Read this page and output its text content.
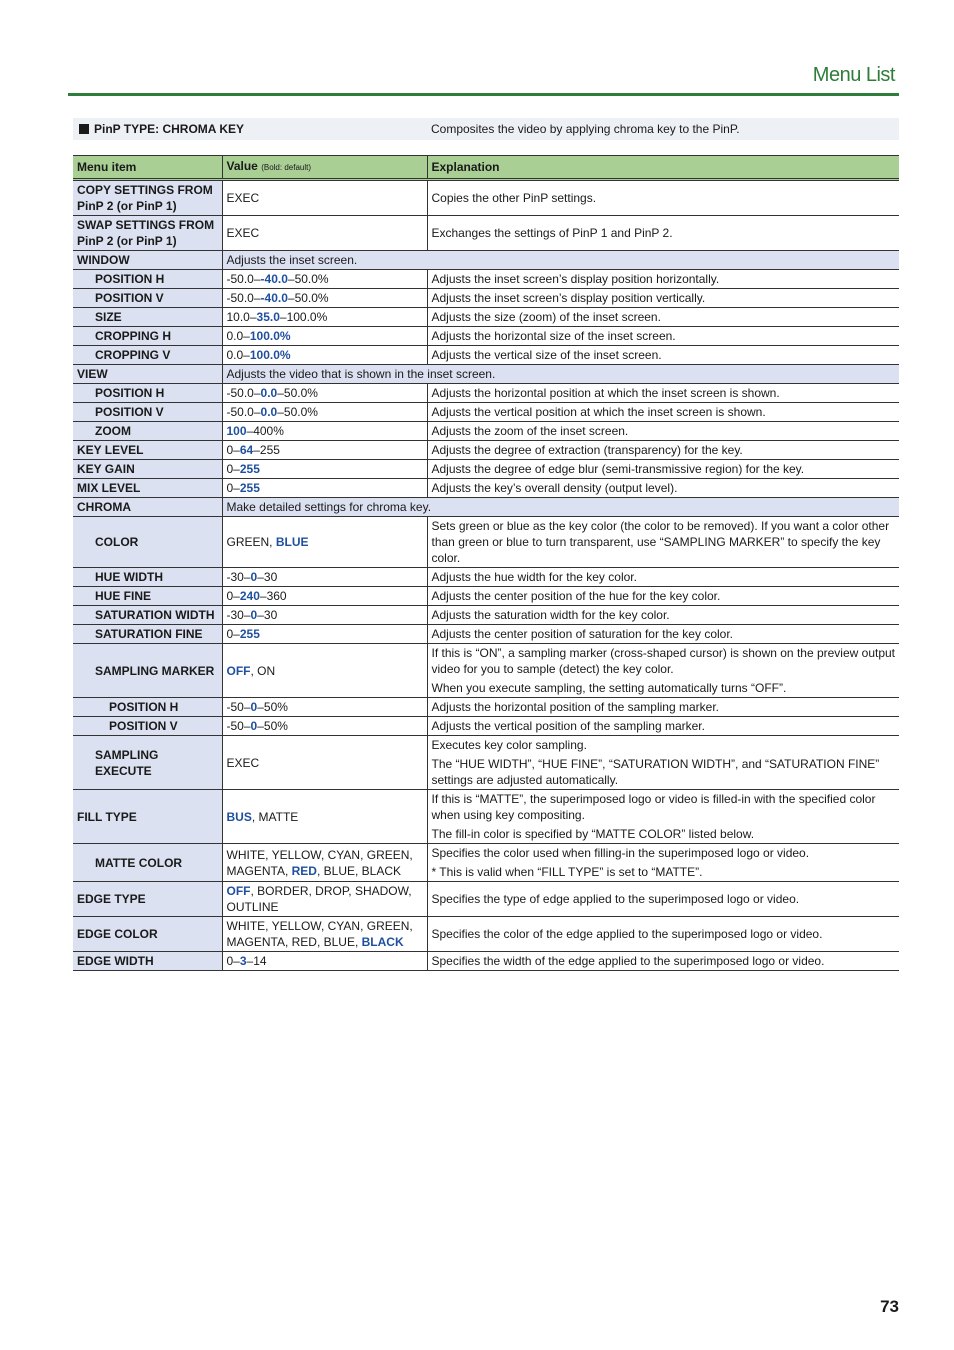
Menu List
PinP TYPE: CHROMA KEY	Composites the video by applying chroma key to the PinP.
Menu item	Value (Bold: default)	Explanation
COPY SETTINGS FROM PinP 2 (or PinP 1)	EXEC	Copies the other PinP settings.

SWAP SETTINGS FROM PinP 2 (or PinP 1)	EXEC	Exchanges the settings of PinP 1 and PinP 2.

WINDOW	Adjusts the inset screen.	
POSITION H	-50.0–-40.0–50.0%	Adjusts the inset screen’s display position horizontally.

POSITION V	-50.0–-40.0–50.0%	Adjusts the inset screen’s display position vertically.

SIZE	10.0–35.0–100.0%	Adjusts the size (zoom) of the inset screen.

CROPPING H	0.0–100.0%	Adjusts the horizontal size of the inset screen.

CROPPING V	0.0–100.0%	Adjusts the vertical size of the inset screen.

VIEW	Adjusts the video that is shown in the inset screen.	
POSITION H	-50.0–0.0–50.0%	Adjusts the horizontal position at which the inset screen is shown.

POSITION V	-50.0–0.0–50.0%	Adjusts the vertical position at which the inset screen is shown.

ZOOM	100–400%	Adjusts the zoom of the inset screen.

KEY LEVEL	0–64–255	Adjusts the degree of extraction (transparency) for the key.

KEY GAIN	0–255	Adjusts the degree of edge blur (semi-transmissive region) for the key.

MIX LEVEL	0–255	Adjusts the key’s overall density (output level).

CHROMA	Make detailed settings for chroma key.	
COLOR	GREEN, BLUE	Sets green or blue as the key color (the color to be removed). If you want a color other than green or blue to turn transparent, use “SAMPLING MARKER” to specify the key color.

HUE WIDTH	-30–0–30	Adjusts the hue width for the key color.

HUE FINE	0–240–360	Adjusts the center position of the hue for the key color.

SATURATION WIDTH	-30–0–30	Adjusts the saturation width for the key color.

SATURATION FINE	0–255	Adjusts the center position of saturation for the key color.

SAMPLING MARKER	OFF, ON	If this is “ON”, a sampling marker (cross-shaped cursor) is shown on the preview output video for you to sample (detect) the key color.
When you execute sampling, the setting automatically turns “OFF”.

POSITION H	-50–0–50%	Adjusts the horizontal position of the sampling marker.

POSITION V	-50–0–50%	Adjusts the vertical position of the sampling marker.

SAMPLING EXECUTE	EXEC	Executes key color sampling.
The “HUE WIDTH”, “HUE FINE”, “SATURATION WIDTH”, and “SATURATION FINE” settings are adjusted automatically.

FILL TYPE	BUS, MATTE	If this is “MATTE”, the superimposed logo or video is filled-in with the specified color when using key compositing.
The fill-in color is specified by “MATTE COLOR” listed below.

MATTE COLOR	WHITE, YELLOW, CYAN, GREEN, MAGENTA, RED, BLUE, BLACK	Specifies the color used when filling-in the superimposed logo or video.
* This is valid when “FILL TYPE” is set to “MATTE”.

EDGE TYPE	OFF, BORDER, DROP, SHADOW, OUTLINE	Specifies the type of edge applied to the superimposed logo or video.

EDGE COLOR	WHITE, YELLOW, CYAN, GREEN, MAGENTA, RED, BLUE, BLACK	Specifies the color of the edge applied to the superimposed logo or video.

EDGE WIDTH	0–3–14	Specifies the width of the edge applied to the superimposed logo or video.
73
